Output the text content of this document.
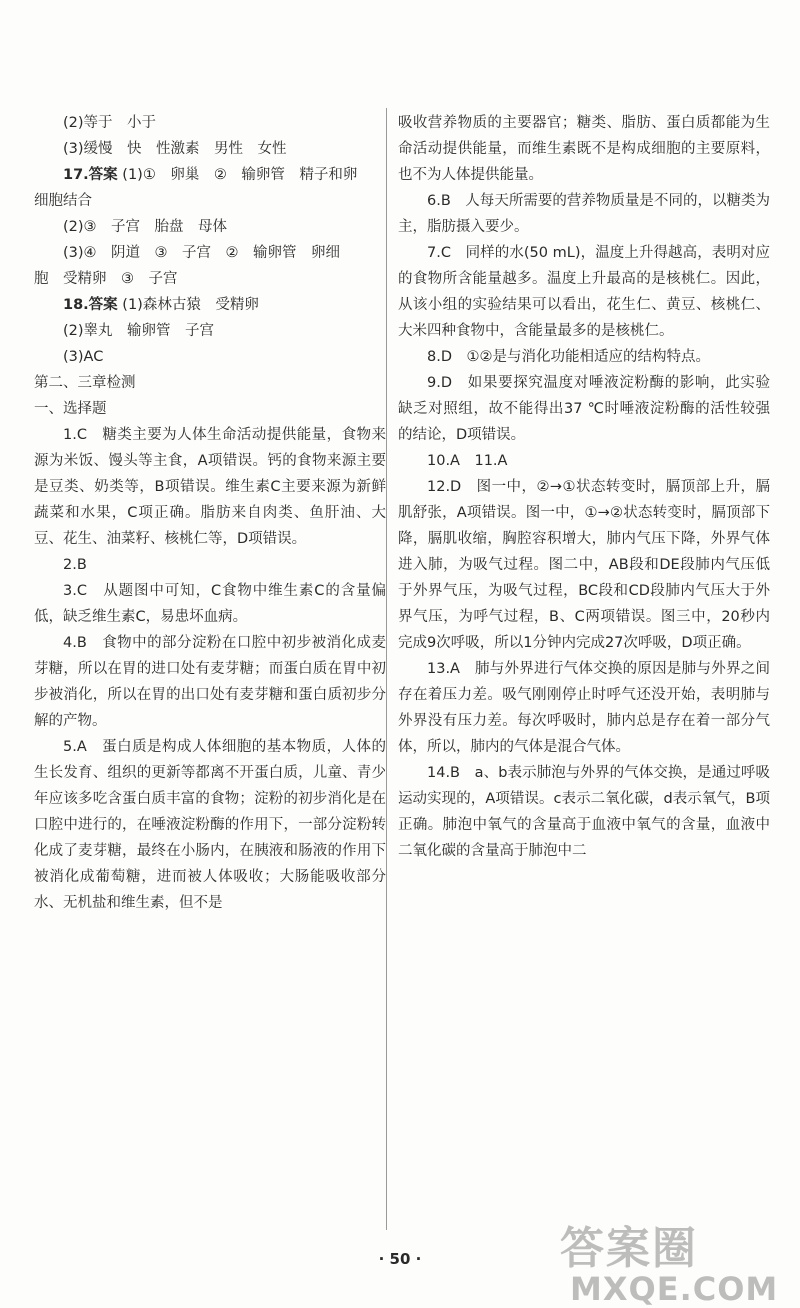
(2)等于　小于

(3)缓慢　快　性激素　男性　女性

17.答案 (1)①　卵巢　②　输卵管　精子和卵

细胞结合

(2)③　子宫　胎盘　母体

(3)④　阴道　③　子宫　②　输卵管　卵细

胞　受精卵　③　子宫

18.答案 (1)森林古猿　受精卵

(2)睾丸　输卵管　子宫

(3)AC

第二、三章检测

一、选择题

1.C　糖类主要为人体生命活动提供能量，食物来源为米饭、馒头等主食，A项错误。钙的食物来源主要是豆类、奶类等，B项错误。维生素C主要来源为新鲜蔬菜和水果，C项正确。脂肪来自肉类、鱼肝油、大豆、花生、油菜籽、核桃仁等，D项错误。

2.B

3.C　从题图中可知，C食物中维生素C的含量偏低，缺乏维生素C，易患坏血病。

4.B　食物中的部分淀粉在口腔中初步被消化成麦芽糖，所以在胃的进口处有麦芽糖；而蛋白质在胃中初步被消化，所以在胃的出口处有麦芽糖和蛋白质初步分解的产物。

5.A　蛋白质是构成人体细胞的基本物质，人体的生长发育、组织的更新等都离不开蛋白质，儿童、青少年应该多吃含蛋白质丰富的食物；淀粉的初步消化是在口腔中进行的，在唾液淀粉酶的作用下，一部分淀粉转化成了麦芽糖，最终在小肠内，在胰液和肠液的作用下被消化成葡萄糖，进而被人体吸收；大肠能吸收部分水、无机盐和维生素，但不是

吸收营养物质的主要器官；糖类、脂肪、蛋白质都能为生命活动提供能量，而维生素既不是构成细胞的主要原料，也不为人体提供能量。

6.B　人每天所需要的营养物质量是不同的，以糖类为主，脂肪摄入要少。

7.C　同样的水(50 mL)，温度上升得越高，表明对应的食物所含能量越多。温度上升最高的是核桃仁。因此，从该小组的实验结果可以看出，花生仁、黄豆、核桃仁、大米四种食物中，含能量最多的是核桃仁。

8.D　①②是与消化功能相适应的结构特点。

9.D　如果要探究温度对唾液淀粉酶的影响，此实验缺乏对照组，故不能得出37 ℃时唾液淀粉酶的活性较强的结论，D项错误。

10.A　11.A

12.D　图一中，②→①状态转变时，膈顶部上升，膈肌舒张，A项错误。图一中，①→②状态转变时，膈顶部下降，膈肌收缩，胸腔容积增大，肺内气压下降，外界气体进入肺，为吸气过程。图二中，AB段和DE段肺内气压低于外界气压，为吸气过程，BC段和CD段肺内气压大于外界气压，为呼气过程，B、C两项错误。图三中，20秒内完成9次呼吸，所以1分钟内完成27次呼吸，D项正确。

13.A　肺与外界进行气体交换的原因是肺与外界之间存在着压力差。吸气刚刚停止时呼气还没开始，表明肺与外界没有压力差。每次呼吸时，肺内总是存在着一部分气体，所以，肺内的气体是混合气体。

14.B　a、b表示肺泡与外界的气体交换，是通过呼吸运动实现的，A项错误。c表示二氧化碳，d表示氧气，B项正确。肺泡中氧气的含量高于血液中氧气的含量，血液中二氧化碳的含量高于肺泡中二

· 50 ·	答案圈
MXQE.COM
